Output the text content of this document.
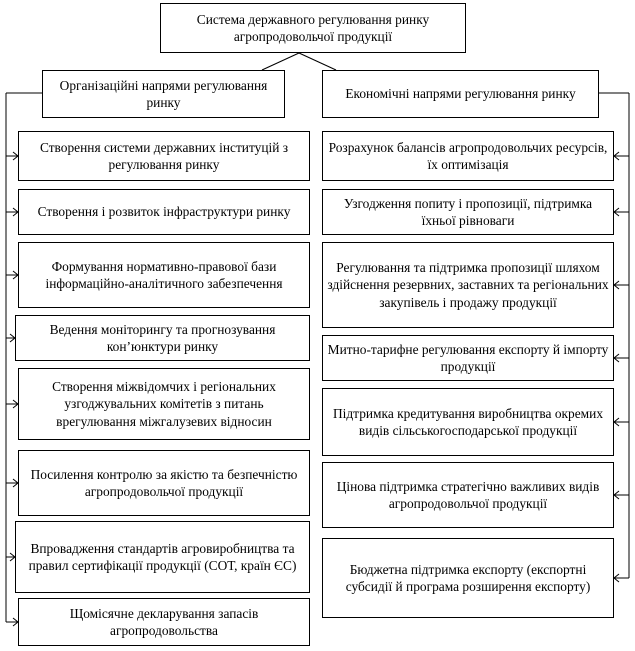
Система державного регулювання ринку агропродовольчої продукції
Організаційні напрями регулювання ринку
Економічні напрями регулювання ринку
Створення системи державних інституцій з регулювання ринку
Створення і розвиток інфраструктури ринку
Формування нормативно-правової бази інформаційно-аналітичного забезпечення
Ведення моніторингу та прогнозування кон’юнктури ринку
Створення міжвідомчих і регіональних узгоджувальних комітетів з питань врегулювання міжгалузевих відносин
Посилення контролю за якістю та безпечністю агропродовольчої продукції
Впровадження стандартів агровиробництва та правил сертифікації продукції (СОТ, країн ЄС)
Щомісячне декларування запасів агропродовольства
Розрахунок балансів агропродовольчих ресурсів, їх оптимізація
Узгодження попиту і пропозиції, підтримка їхньої рівноваги
Регулювання та підтримка пропозиції шляхом здійснення резервних, заставних та регіональних закупівель і продажу продукції
Митно-тарифне регулювання експорту й імпорту продукції
Підтримка кредитування виробництва окремих видів сільськогосподарської продукції
Цінова підтримка стратегічно важливих видів агропродовольчої продукції
Бюджетна підтримка експорту (експортні субсидії й програма розширення експорту)
